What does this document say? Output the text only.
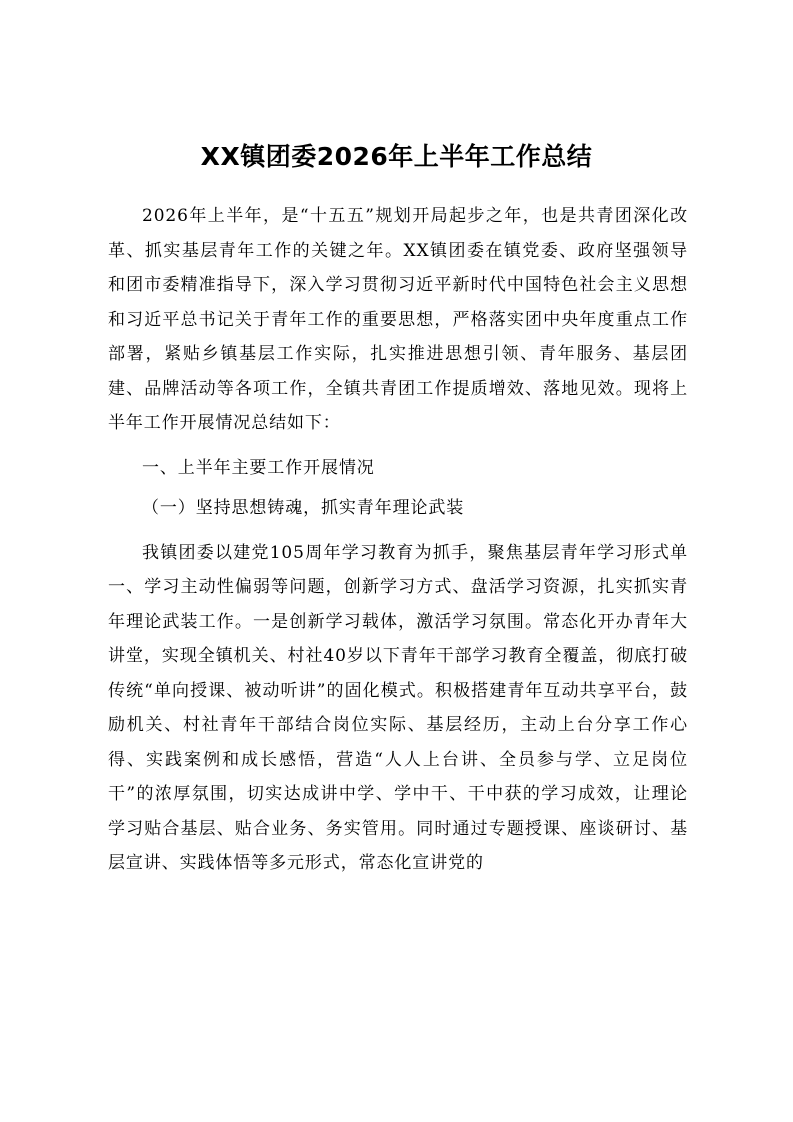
XX镇团委2026年上半年工作总结

2026年上半年，是“十五五”规划开局起步之年，也是共青团深化改革、抓实基层青年工作的关键之年。XX镇团委在镇党委、政府坚强领导和团市委精准指导下，深入学习贯彻习近平新时代中国特色社会主义思想和习近平总书记关于青年工作的重要思想，严格落实团中央年度重点工作部署，紧贴乡镇基层工作实际，扎实推进思想引领、青年服务、基层团建、品牌活动等各项工作，全镇共青团工作提质增效、落地见效。现将上半年工作开展情况总结如下：

一、上半年主要工作开展情况

（一）坚持思想铸魂，抓实青年理论武装

我镇团委以建党105周年学习教育为抓手，聚焦基层青年学习形式单一、学习主动性偏弱等问题，创新学习方式、盘活学习资源，扎实抓实青年理论武装工作。一是创新学习载体，激活学习氛围。常态化开办青年大讲堂，实现全镇机关、村社40岁以下青年干部学习教育全覆盖，彻底打破传统“单向授课、被动听讲”的固化模式。积极搭建青年互动共享平台，鼓励机关、村社青年干部结合岗位实际、基层经历，主动上台分享工作心得、实践案例和成长感悟，营造“人人上台讲、全员参与学、立足岗位干”的浓厚氛围，切实达成讲中学、学中干、干中获的学习成效，让理论学习贴合基层、贴合业务、务实管用。同时通过专题授课、座谈研讨、基层宣讲、实践体悟等多元形式，常态化宣讲党的
